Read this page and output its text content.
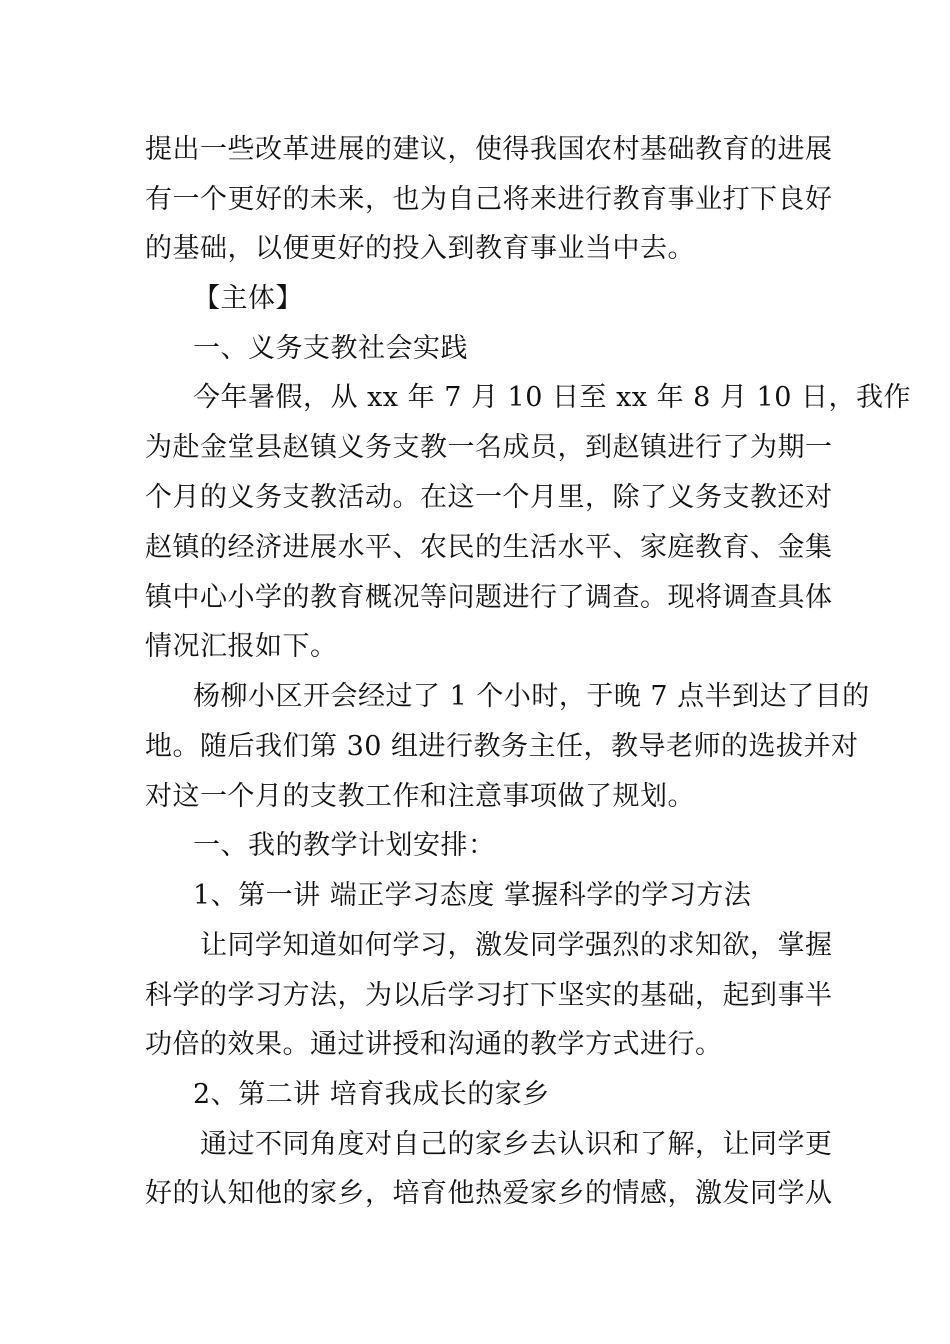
提出一些改革进展的建议，使得我国农村基础教育的进展
有一个更好的未来，也为自己将来进行教育事业打下良好
的基础，以便更好的投入到教育事业当中去。
【主体】
一、义务支教社会实践
今年暑假，从 xx 年 7 月 10 日至 xx 年 8 月 10 日，我作
为赴金堂县赵镇义务支教一名成员，到赵镇进行了为期一
个月的义务支教活动。在这一个月里，除了义务支教还对
赵镇的经济进展水平、农民的生活水平、家庭教育、金集
镇中心小学的教育概况等问题进行了调查。现将调查具体
情况汇报如下。
杨柳小区开会经过了 1 个小时，于晚 7 点半到达了目的
地。随后我们第 30 组进行教务主任，教导老师的选拔并对
对这一个月的支教工作和注意事项做了规划。
一、我的教学计划安排：
1、第一讲 端正学习态度 掌握科学的学习方法
让同学知道如何学习，激发同学强烈的求知欲，掌握
科学的学习方法，为以后学习打下坚实的基础，起到事半
功倍的效果。通过讲授和沟通的教学方式进行。
2、第二讲 培育我成长的家乡
通过不同角度对自己的家乡去认识和了解，让同学更
好的认知他的家乡，培育他热爱家乡的情感，激发同学从
